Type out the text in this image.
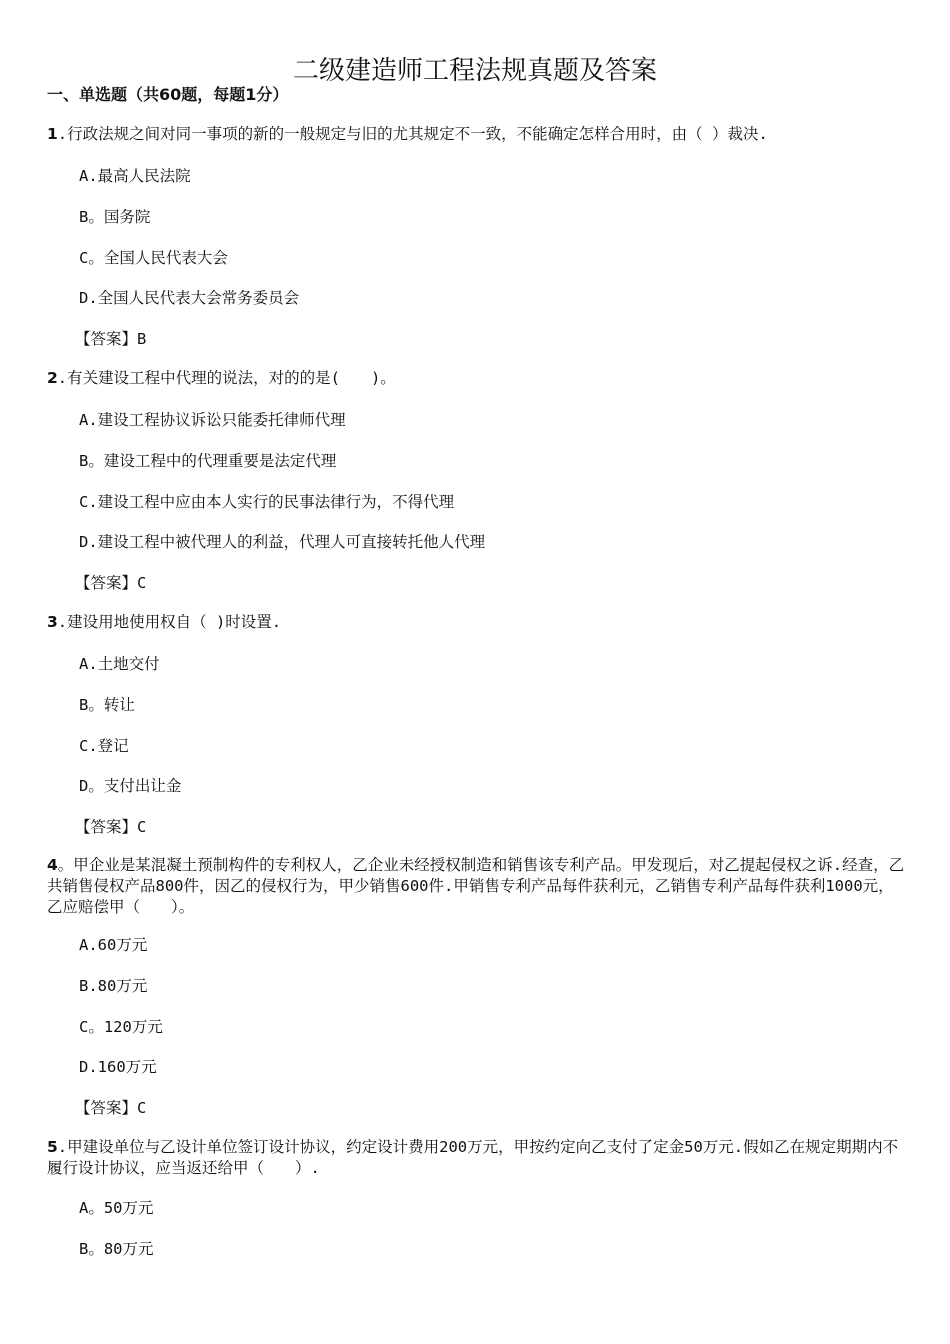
二级建造师工程法规真题及答案
一、单选题（共60题，每题1分）
1.行政法规之间对同一事项的新的一般规定与旧的尤其规定不一致，不能确定怎样合用时，由（ ）裁决.
A.最高人民法院
B。国务院
C。全国人民代表大会
D.全国人民代表大会常务委员会
【答案】B
2.有关建设工程中代理的说法，对的的是(　　)。
A.建设工程协议诉讼只能委托律师代理
B。建设工程中的代理重要是法定代理
C.建设工程中应由本人实行的民事法律行为，不得代理
D.建设工程中被代理人的利益，代理人可直接转托他人代理
【答案】C
3.建设用地使用权自（ )时设置.
A.土地交付
B。转让
C.登记
D。支付出让金
【答案】C
4。甲企业是某混凝土预制构件的专利权人，乙企业未经授权制造和销售该专利产品。甲发现后，对乙提起侵权之诉.经查，乙共销售侵权产品800件，因乙的侵权行为，甲少销售600件.甲销售专利产品每件获利元，乙销售专利产品每件获利1000元，乙应赔偿甲（　　）。
A.60万元
B.80万元
C。120万元
D.160万元
【答案】C
5.甲建设单位与乙设计单位签订设计协议，约定设计费用200万元，甲按约定向乙支付了定金50万元.假如乙在规定期期内不履行设计协议，应当返还给甲（　　）.
A。50万元
B。80万元
